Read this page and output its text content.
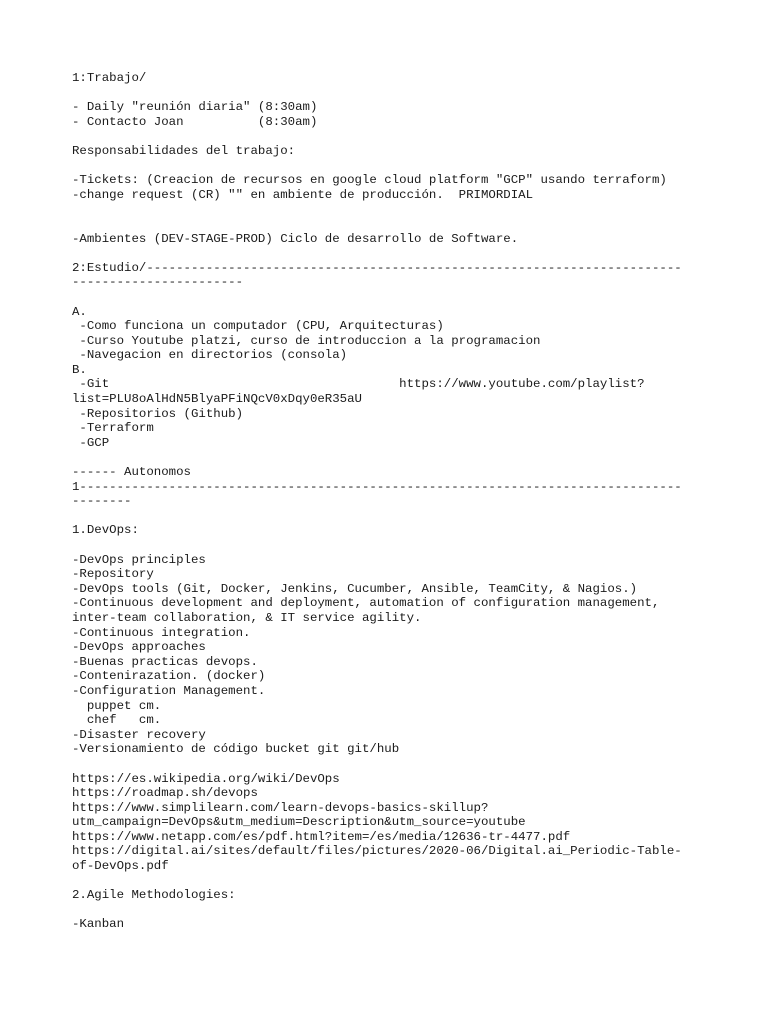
1:Trabajo/
- Daily "reunión diaria" (8:30am)
- Contacto Joan          (8:30am)
Responsabilidades del trabajo:
-Tickets: (Creacion de recursos en google cloud platform "GCP" usando terraform)
-change request (CR) "" en ambiente de producción.  PRIMORDIAL
-Ambientes (DEV-STAGE-PROD) Ciclo de desarrollo de Software.
2:Estudio/------------------------------------------------------------------------
-----------------------
A.
-Como funciona un computador (CPU, Arquitecturas)
-Curso Youtube platzi, curso de introduccion a la programacion
-Navegacion en directorios (consola)
B.
-Git                                       https://www.youtube.com/playlist?
list=PLU8oAlHdN5BlyaPFiNQcV0xDqy0eR35aU
-Repositorios (Github)
-Terraform
-GCP
------ Autonomos
1---------------------------------------------------------------------------------
--------
1.DevOps:
-DevOps principles
-Repository
-DevOps tools (Git, Docker, Jenkins, Cucumber, Ansible, TeamCity, & Nagios.)
-Continuous development and deployment, automation of configuration management,
inter-team collaboration, & IT service agility.
-Continuous integration.
-DevOps approaches
-Buenas practicas devops.
-Contenirazation. (docker)
-Configuration Management.
puppet cm.
chef   cm.
-Disaster recovery
-Versionamiento de código bucket git git/hub
https://es.wikipedia.org/wiki/DevOps
https://roadmap.sh/devops
https://www.simplilearn.com/learn-devops-basics-skillup?
utm_campaign=DevOps&utm_medium=Description&utm_source=youtube
https://www.netapp.com/es/pdf.html?item=/es/media/12636-tr-4477.pdf
https://digital.ai/sites/default/files/pictures/2020-06/Digital.ai_Periodic-Table-
of-DevOps.pdf
2.Agile Methodologies:
-Kanban
